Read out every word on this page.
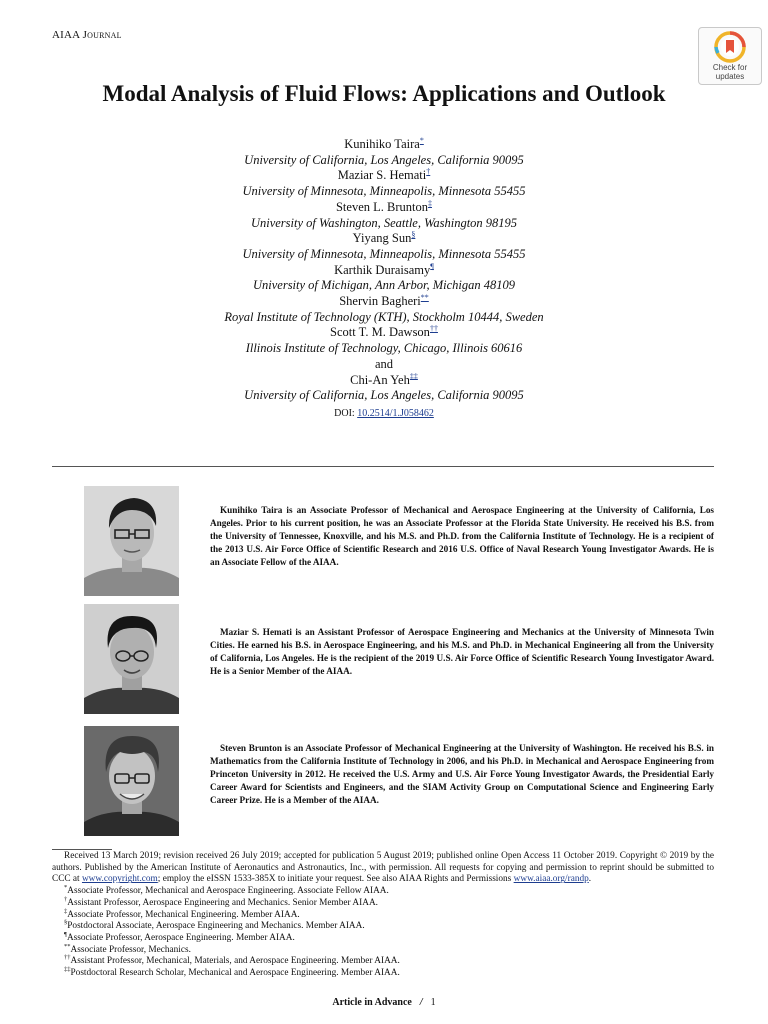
AIAA Journal
Check for
updates
Modal Analysis of Fluid Flows: Applications and Outlook
Kunihiko Taira*
University of California, Los Angeles, California 90095
Maziar S. Hemati†
University of Minnesota, Minneapolis, Minnesota 55455
Steven L. Brunton‡
University of Washington, Seattle, Washington 98195
Yiyang Sun§
University of Minnesota, Minneapolis, Minnesota 55455
Karthik Duraisamy¶
University of Michigan, Ann Arbor, Michigan 48109
Shervin Bagheri**
Royal Institute of Technology (KTH), Stockholm 10444, Sweden
Scott T. M. Dawson††
Illinois Institute of Technology, Chicago, Illinois 60616
and
Chi-An Yeh‡‡
University of California, Los Angeles, California 90095
DOI: 10.2514/1.J058462

Kunihiko Taira is an Associate Professor of Mechanical and Aerospace Engineering at the University of California, Los Angeles. Prior to his current position, he was an Associate Professor at the Florida State University. He received his B.S. from the University of Tennessee, Knoxville, and his M.S. and Ph.D. from the California Institute of Technology. He is a recipient of the 2013 U.S. Air Force Office of Scientific Research and 2016 U.S. Office of Naval Research Young Investigator Awards. He is an Associate Fellow of the AIAA.

Maziar S. Hemati is an Assistant Professor of Aerospace Engineering and Mechanics at the University of Minnesota Twin Cities. He earned his B.S. in Aerospace Engineering, and his M.S. and Ph.D. in Mechanical Engineering all from the University of California, Los Angeles. He is the recipient of the 2019 U.S. Air Force Office of Scientific Research Young Investigator Award. He is a Senior Member of the AIAA.

Steven Brunton is an Associate Professor of Mechanical Engineering at the University of Washington. He received his B.S. in Mathematics from the California Institute of Technology in 2006, and his Ph.D. in Mechanical and Aerospace Engineering from Princeton University in 2012. He received the U.S. Army and U.S. Air Force Young Investigator Awards, the Presidential Early Career Award for Scientists and Engineers, and the SIAM Activity Group on Computational Science and Engineering Early Career Prize. He is a Member of the AIAA.

Received 13 March 2019; revision received 26 July 2019; accepted for publication 5 August 2019; published online Open Access 11 October 2019. Copyright © 2019 by the authors. Published by the American Institute of Aeronautics and Astronautics, Inc., with permission. All requests for copying and permission to reprint should be submitted to CCC at www.copyright.com; employ the eISSN 1533-385X to initiate your request. See also AIAA Rights and Permissions www.aiaa.org/randp.

*Associate Professor, Mechanical and Aerospace Engineering. Associate Fellow AIAA.

†Assistant Professor, Aerospace Engineering and Mechanics. Senior Member AIAA.

‡Associate Professor, Mechanical Engineering. Member AIAA.

§Postdoctoral Associate, Aerospace Engineering and Mechanics. Member AIAA.

¶Associate Professor, Aerospace Engineering. Member AIAA.

**Associate Professor, Mechanics.

††Assistant Professor, Mechanical, Materials, and Aerospace Engineering. Member AIAA.

‡‡Postdoctoral Research Scholar, Mechanical and Aerospace Engineering. Member AIAA.

Article in Advance / 1
